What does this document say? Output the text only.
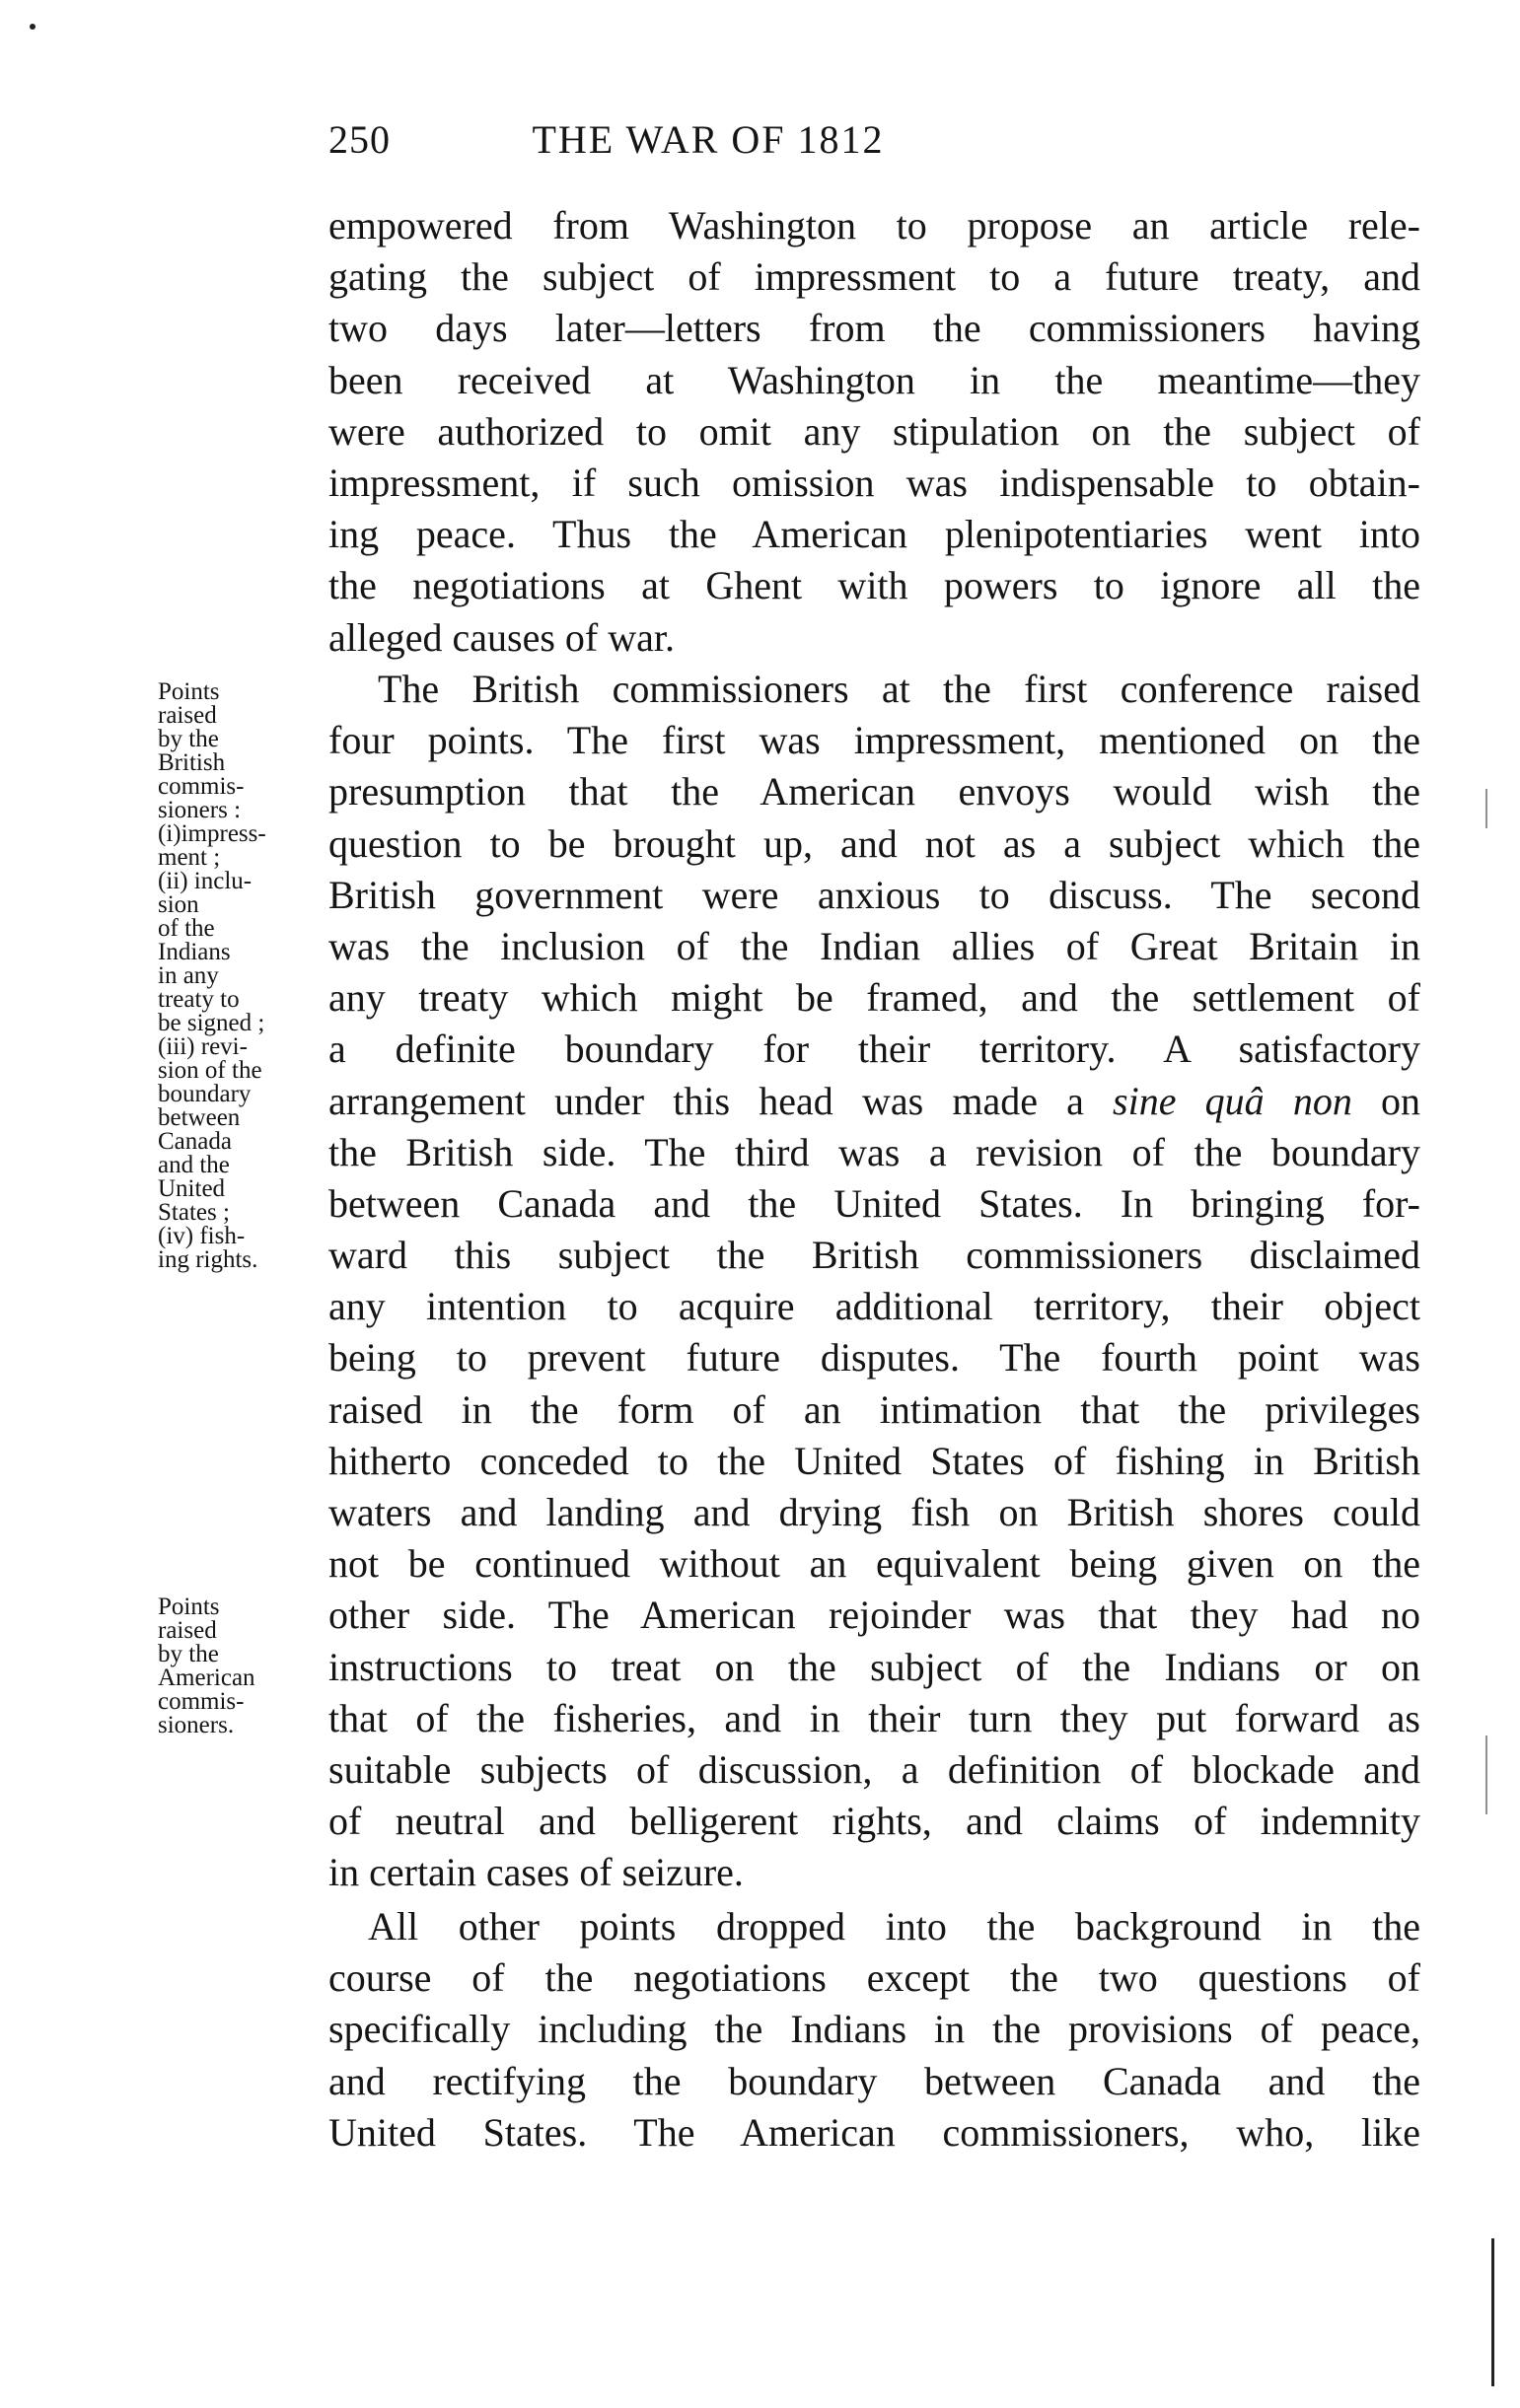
250	THE WAR OF 1812
empowered from Washington to propose an article rele-
gating the subject of impressment to a future treaty, and
two days later—letters from the commissioners having
been received at Washington in the meantime—they
were authorized to omit any stipulation on the subject of
impressment, if such omission was indispensable to obtain-
ing peace. Thus the American plenipotentiaries went into
the negotiations at Ghent with powers to ignore all the
alleged causes of war.
Points
raised
by the
British
commis-
sioners :
(i)impress-
ment ;
(ii) inclu-
sion
of the
Indians
in any
treaty to
be signed ;
(iii) revi-
sion of the
boundary
between
Canada
and the
United
States ;
(iv) fish-
ing rights.
The British commissioners at the first conference raised
four points. The first was impressment, mentioned on the
presumption that the American envoys would wish the
question to be brought up, and not as a subject which the
British government were anxious to discuss. The second
was the inclusion of the Indian allies of Great Britain in
any treaty which might be framed, and the settlement of
a definite boundary for their territory. A satisfactory
arrangement under this head was made a sine quâ non on
the British side. The third was a revision of the boundary
between Canada and the United States. In bringing for-
ward this subject the British commissioners disclaimed
any intention to acquire additional territory, their object
being to prevent future disputes. The fourth point was
raised in the form of an intimation that the privileges
hitherto conceded to the United States of fishing in British
waters and landing and drying fish on British shores could
not be continued without an equivalent being given on the
other side. The American rejoinder was that they had no
instructions to treat on the subject of the Indians or on
that of the fisheries, and in their turn they put forward as
suitable subjects of discussion, a definition of blockade and
of neutral and belligerent rights, and claims of indemnity
in certain cases of seizure.
Points
raised
by the
American
commis-
sioners.
All other points dropped into the background in the
course of the negotiations except the two questions of
specifically including the Indians in the provisions of peace,
and rectifying the boundary between Canada and the
United States. The American commissioners, who, like
